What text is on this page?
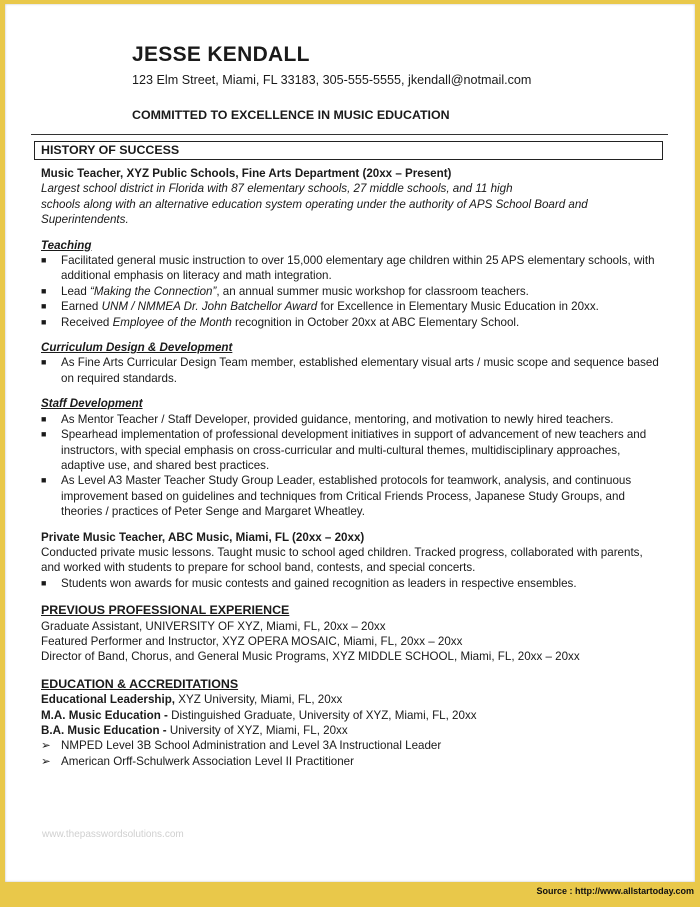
JESSE KENDALL
123 Elm Street, Miami, FL 33183, 305-555-5555, jkendall@notmail.com
COMMITTED TO EXCELLENCE IN MUSIC EDUCATION
HISTORY OF SUCCESS
Music Teacher, XYZ Public Schools, Fine Arts Department (20xx – Present)
Largest school district in Florida with 87 elementary schools, 27 middle schools, and 11 high
schools along with an alternative education system operating under the authority of APS School Board and Superintendents.
Teaching
■ Facilitated general music instruction to over 15,000 elementary age children within 25 APS elementary schools, with additional emphasis on literacy and math integration.
■ Lead “Making the Connection”, an annual summer music workshop for classroom teachers.
■ Earned UNM / NMMEA Dr. John Batchellor Award for Excellence in Elementary Music Education in 20xx.
■ Received Employee of the Month recognition in October 20xx at ABC Elementary School.
Curriculum Design & Development
■ As Fine Arts Curricular Design Team member, established elementary visual arts / music scope and sequence based on required standards.
Staff Development
■ As Mentor Teacher / Staff Developer, provided guidance, mentoring, and motivation to newly hired teachers.
■ Spearhead implementation of professional development initiatives in support of advancement of new teachers and instructors, with special emphasis on cross-curricular and multi-cultural themes, multidisciplinary approaches, adaptive use, and shared best practices.
■ As Level A3 Master Teacher Study Group Leader, established protocols for teamwork, analysis, and continuous improvement based on guidelines and techniques from Critical Friends Process, Japanese Study Groups, and theories / practices of Peter Senge and Margaret Wheatley.
Private Music Teacher, ABC Music, Miami, FL (20xx – 20xx)
Conducted private music lessons. Taught music to school aged children. Tracked progress, collaborated with parents, and worked with students to prepare for school band, contests, and special concerts.
■ Students won awards for music contests and gained recognition as leaders in respective ensembles.
PREVIOUS PROFESSIONAL EXPERIENCE
Graduate Assistant, UNIVERSITY OF XYZ, Miami, FL, 20xx – 20xx
Featured Performer and Instructor, XYZ OPERA MOSAIC, Miami, FL, 20xx – 20xx
Director of Band, Chorus, and General Music Programs, XYZ MIDDLE SCHOOL, Miami, FL, 20xx – 20xx
EDUCATION & ACCREDITATIONS
Educational Leadership, XYZ University, Miami, FL, 20xx
M.A. Music Education - Distinguished Graduate, University of XYZ, Miami, FL, 20xx
B.A. Music Education - University of XYZ, Miami, FL, 20xx
➢ NMPED Level 3B School Administration and Level 3A Instructional Leader
➢ American Orff-Schulwerk Association Level II Practitioner
www.thepasswordsolutions.com
Source : http://www.allstartoday.com
